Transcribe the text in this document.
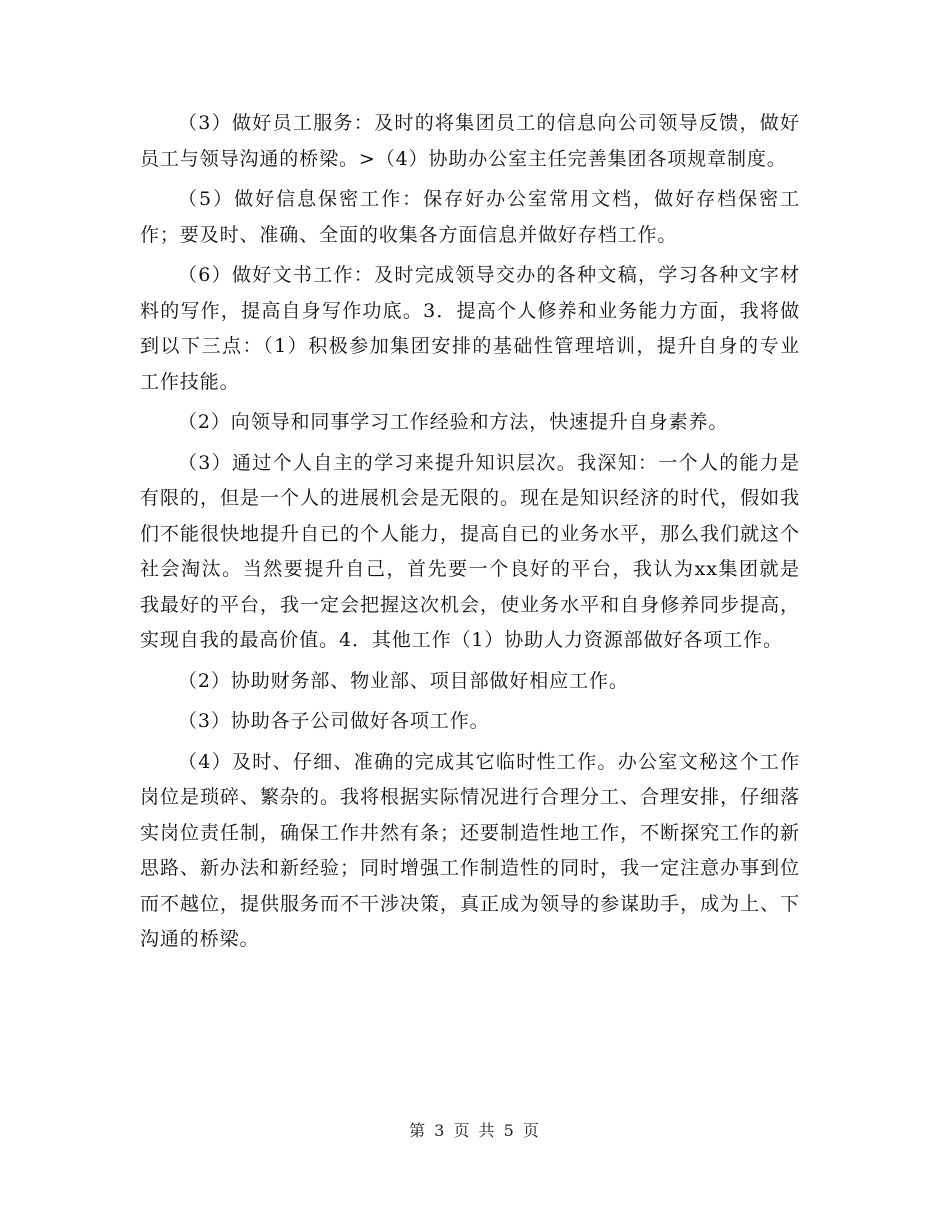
（3）做好员工服务：及时的将集团员工的信息向公司领导反馈，做好员工与领导沟通的桥梁。>（4）协助办公室主任完善集团各项规章制度。

（5）做好信息保密工作：保存好办公室常用文档，做好存档保密工作；要及时、准确、全面的收集各方面信息并做好存档工作。

（6）做好文书工作：及时完成领导交办的各种文稿，学习各种文字材料的写作，提高自身写作功底。3．提高个人修养和业务能力方面，我将做到以下三点：（1）积极参加集团安排的基础性管理培训，提升自身的专业工作技能。

（2）向领导和同事学习工作经验和方法，快速提升自身素养。

（3）通过个人自主的学习来提升知识层次。我深知：一个人的能力是有限的，但是一个人的进展机会是无限的。现在是知识经济的时代，假如我们不能很快地提升自已的个人能力，提高自已的业务水平，那么我们就这个社会淘汰。当然要提升自己，首先要一个良好的平台，我认为xx集团就是我最好的平台，我一定会把握这次机会，使业务水平和自身修养同步提高，实现自我的最高价值。4．其他工作（1）协助人力资源部做好各项工作。

（2）协助财务部、物业部、项目部做好相应工作。

（3）协助各子公司做好各项工作。

（4）及时、仔细、准确的完成其它临时性工作。办公室文秘这个工作岗位是琐碎、繁杂的。我将根据实际情况进行合理分工、合理安排，仔细落实岗位责任制，确保工作井然有条；还要制造性地工作，不断探究工作的新思路、新办法和新经验；同时增强工作制造性的同时，我一定注意办事到位而不越位，提供服务而不干涉决策，真正成为领导的参谋助手，成为上、下沟通的桥梁。

第 3 页 共 5 页
